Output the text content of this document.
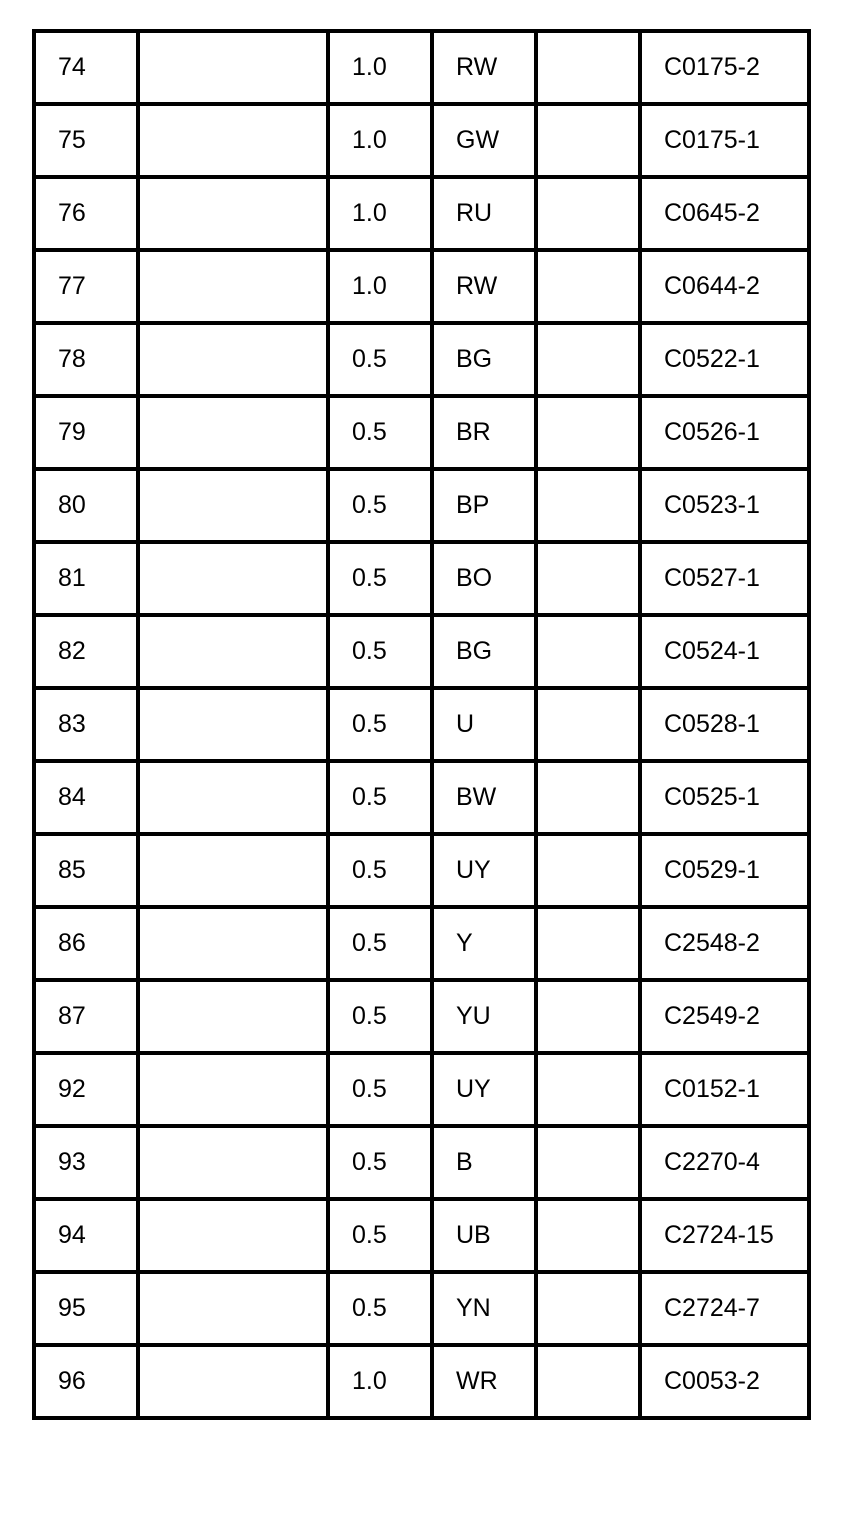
74		1.0	RW		C0175-2
75		1.0	GW		C0175-1
76		1.0	RU		C0645-2
77		1.0	RW		C0644-2
78		0.5	BG		C0522-1
79		0.5	BR		C0526-1
80		0.5	BP		C0523-1
81		0.5	BO		C0527-1
82		0.5	BG		C0524-1
83		0.5	U		C0528-1
84		0.5	BW		C0525-1
85		0.5	UY		C0529-1
86		0.5	Y		C2548-2
87		0.5	YU		C2549-2
92		0.5	UY		C0152-1
93		0.5	B		C2270-4
94		0.5	UB		C2724-15
95		0.5	YN		C2724-7
96		1.0	WR		C0053-2
